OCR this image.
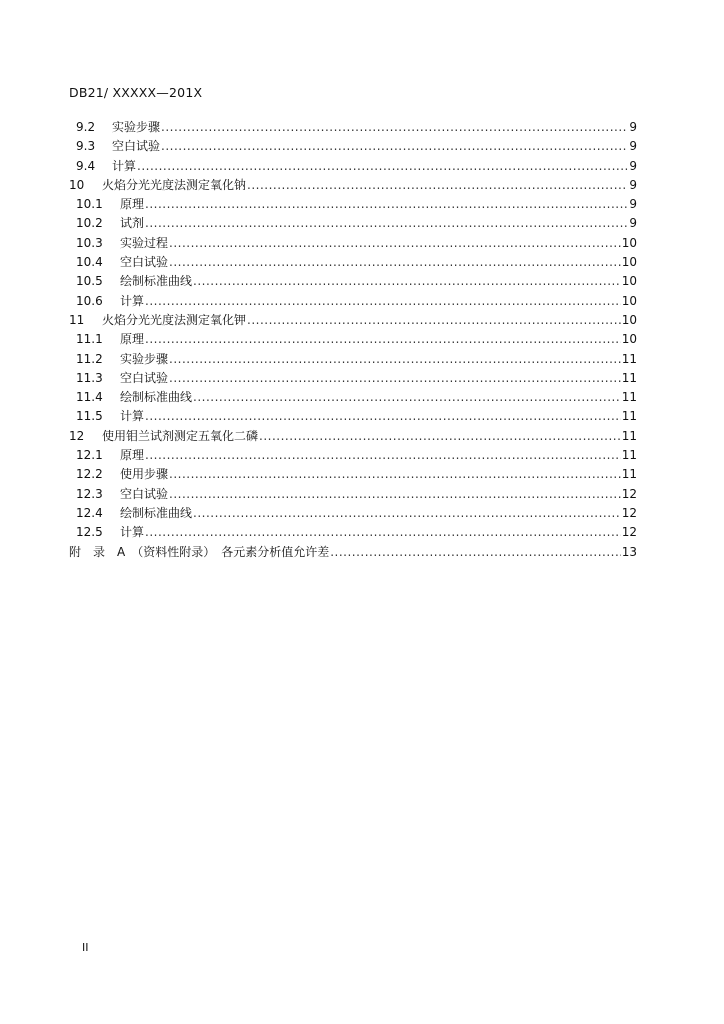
DB21/ XXXXX—201X
9.2	实验步骤 .....	9
9.3	空白试验 .....	9
9.4	计算 .....	9
10	火焰分光光度法测定氧化钠 .....	9
10.1	原理 .....	9
10.2	试剂 .....	9
10.3	实验过程 .....	10
10.4	空白试验 .....	10
10.5	绘制标准曲线 .....	10
10.6	计算 .....	10
11	火焰分光光度法测定氧化钾 .....	10
11.1	原理 .....	10
11.2	实验步骤 .....	11
11.3	空白试验 .....	11
11.4	绘制标准曲线 .....	11
11.5	计算 .....	11
12	使用钼兰试剂测定五氧化二磷 .....	11
12.1	原理 .....	11
12.2	使用步骤 .....	11
12.3	空白试验 .....	12
12.4	绘制标准曲线 .....	12
12.5	计算 .....	12
附　录　A　（资料性附录）　各元素分析值允许差 .....	13
II
